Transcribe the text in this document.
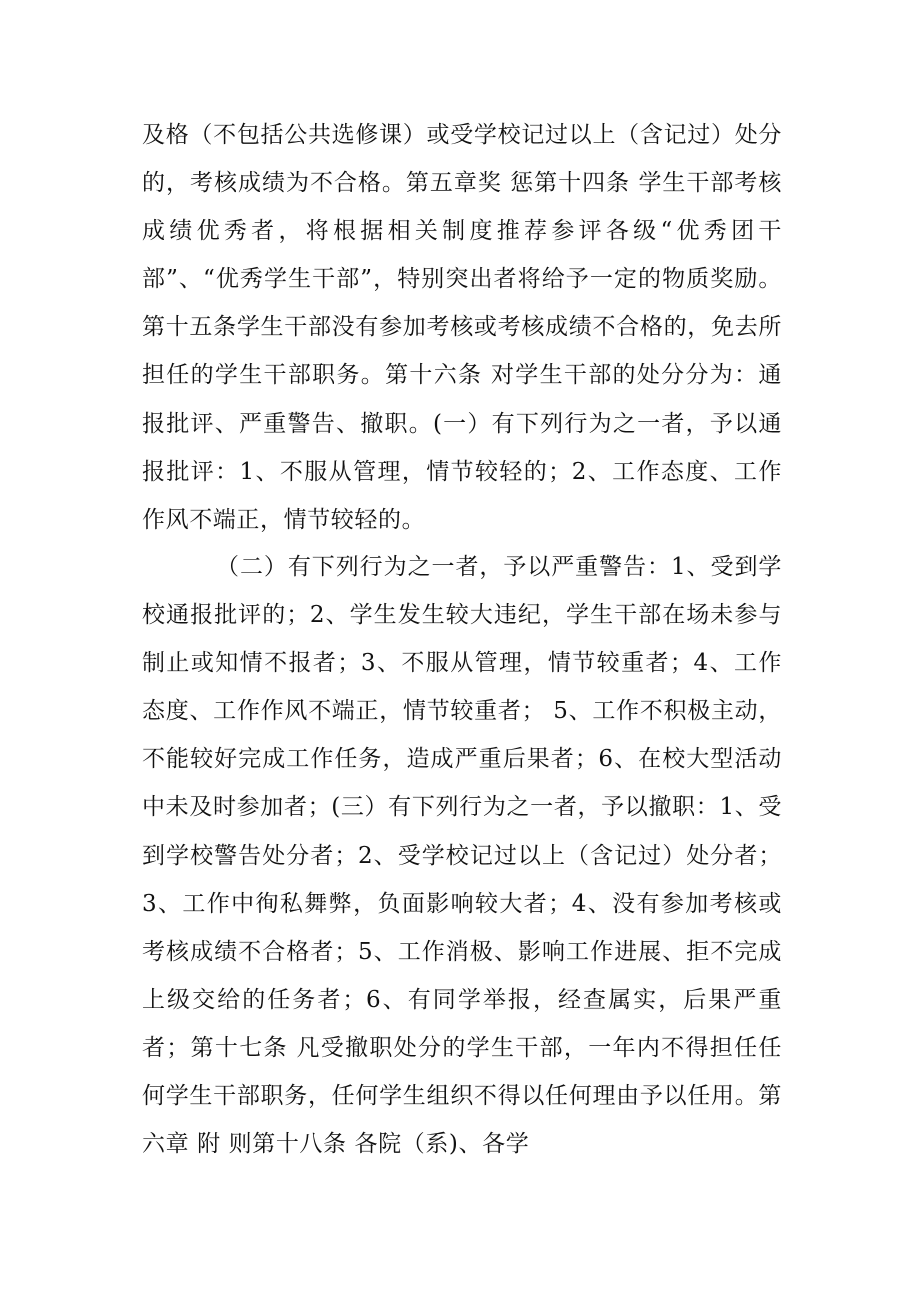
及格（不包括公共选修课）或受学校记过以上（含记过）处分的，考核成绩为不合格。第五章奖 惩第十四条 学生干部考核成绩优秀者，将根据相关制度推荐参评各级“优秀团干部”、“优秀学生干部”，特别突出者将给予一定的物质奖励。第十五条学生干部没有参加考核或考核成绩不合格的，免去所担任的学生干部职务。第十六条 对学生干部的处分分为：通报批评、严重警告、撤职。(一）有下列行为之一者，予以通报批评：1、不服从管理，情节较轻的；2、工作态度、工作作风不端正，情节较轻的。

（二）有下列行为之一者，予以严重警告：1、受到学校通报批评的；2、学生发生较大违纪，学生干部在场未参与制止或知情不报者；3、不服从管理，情节较重者；4、工作态度、工作作风不端正，情节较重者； 5、工作不积极主动，不能较好完成工作任务，造成严重后果者；6、在校大型活动中未及时参加者；(三）有下列行为之一者，予以撤职：1、受到学校警告处分者；2、受学校记过以上（含记过）处分者；3、工作中徇私舞弊，负面影响较大者；4、没有参加考核或考核成绩不合格者；5、工作消极、影响工作进展、拒不完成上级交给的任务者；6、有同学举报，经查属实，后果严重者；第十七条 凡受撤职处分的学生干部，一年内不得担任任何学生干部职务，任何学生组织不得以任何理由予以任用。第六章 附 则第十八条 各院（系)、各学
